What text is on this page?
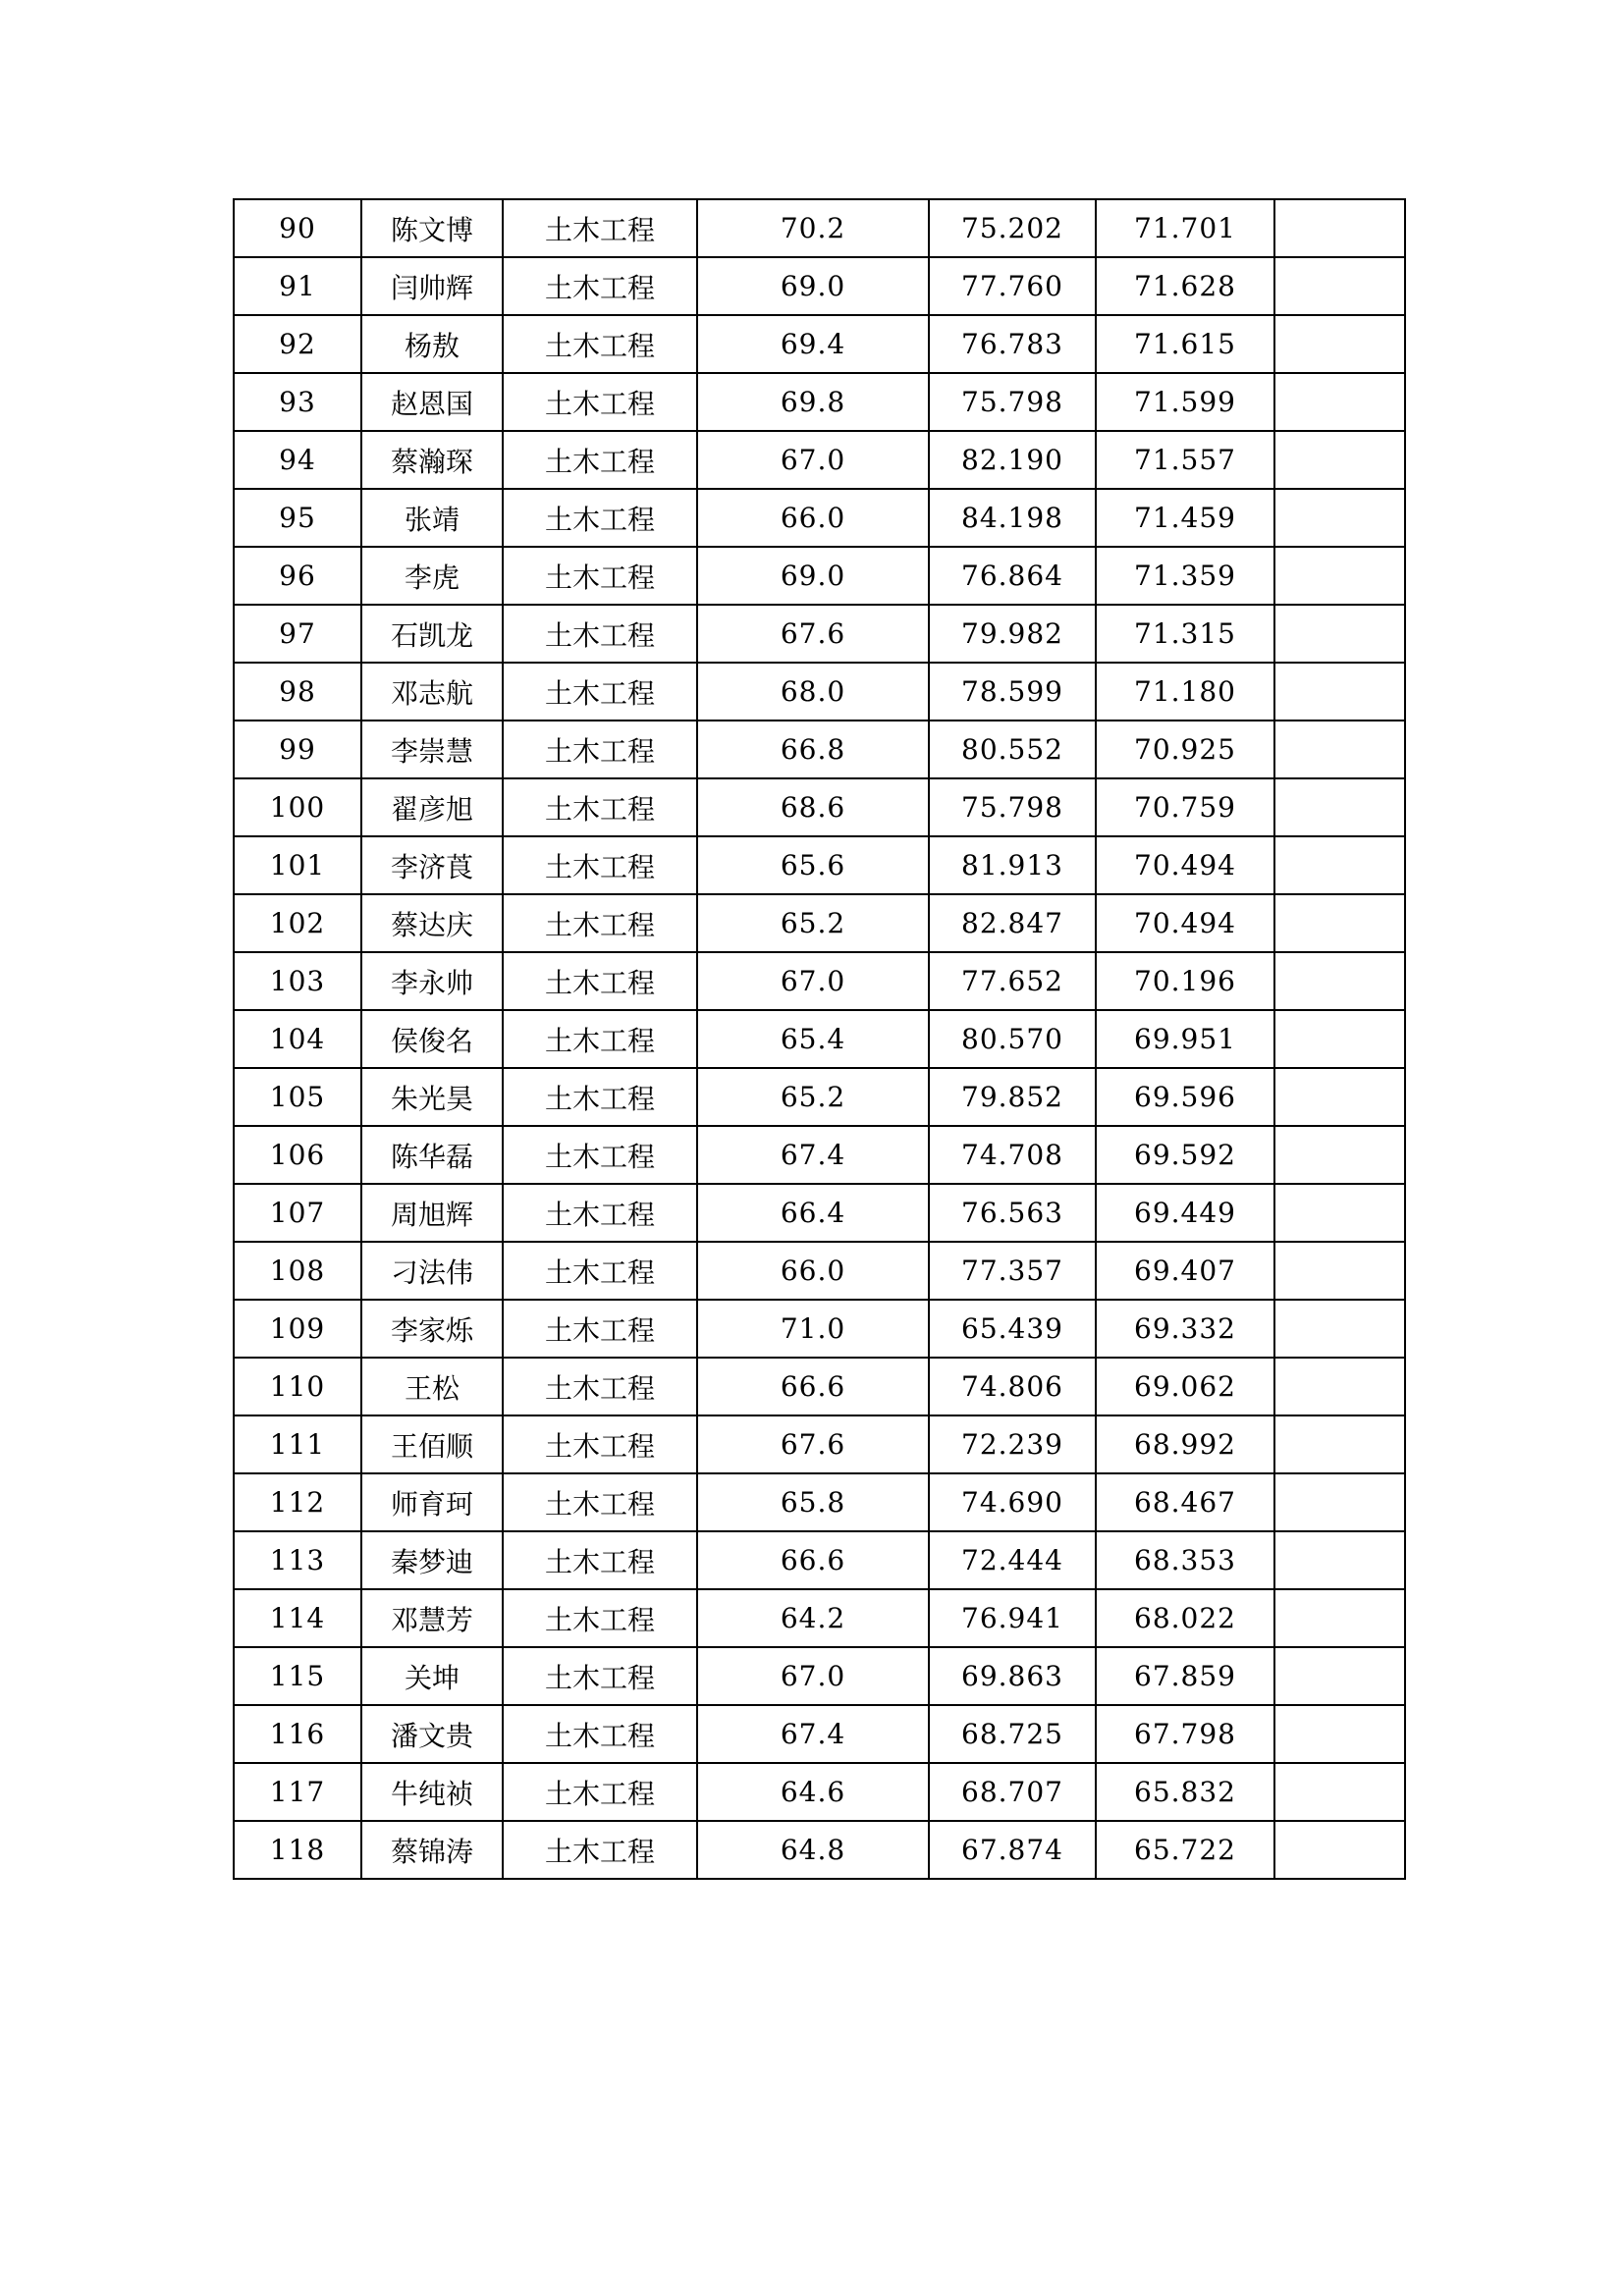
90	陈文博	土木工程	70.2	75.202	71.701	
91	闫帅辉	土木工程	69.0	77.760	71.628	
92	杨敖	土木工程	69.4	76.783	71.615	
93	赵恩国	土木工程	69.8	75.798	71.599	
94	蔡瀚琛	土木工程	67.0	82.190	71.557	
95	张靖	土木工程	66.0	84.198	71.459	
96	李虎	土木工程	69.0	76.864	71.359	
97	石凯龙	土木工程	67.6	79.982	71.315	
98	邓志航	土木工程	68.0	78.599	71.180	
99	李崇慧	土木工程	66.8	80.552	70.925	
100	翟彦旭	土木工程	68.6	75.798	70.759	
101	李济莨	土木工程	65.6	81.913	70.494	
102	蔡达庆	土木工程	65.2	82.847	70.494	
103	李永帅	土木工程	67.0	77.652	70.196	
104	侯俊名	土木工程	65.4	80.570	69.951	
105	朱光昊	土木工程	65.2	79.852	69.596	
106	陈华磊	土木工程	67.4	74.708	69.592	
107	周旭辉	土木工程	66.4	76.563	69.449	
108	刁法伟	土木工程	66.0	77.357	69.407	
109	李家烁	土木工程	71.0	65.439	69.332	
110	王松	土木工程	66.6	74.806	69.062	
111	王佰顺	土木工程	67.6	72.239	68.992	
112	师育珂	土木工程	65.8	74.690	68.467	
113	秦梦迪	土木工程	66.6	72.444	68.353	
114	邓慧芳	土木工程	64.2	76.941	68.022	
115	关坤	土木工程	67.0	69.863	67.859	
116	潘文贵	土木工程	67.4	68.725	67.798	
117	牛纯祯	土木工程	64.6	68.707	65.832	
118	蔡锦涛	土木工程	64.8	67.874	65.722	
